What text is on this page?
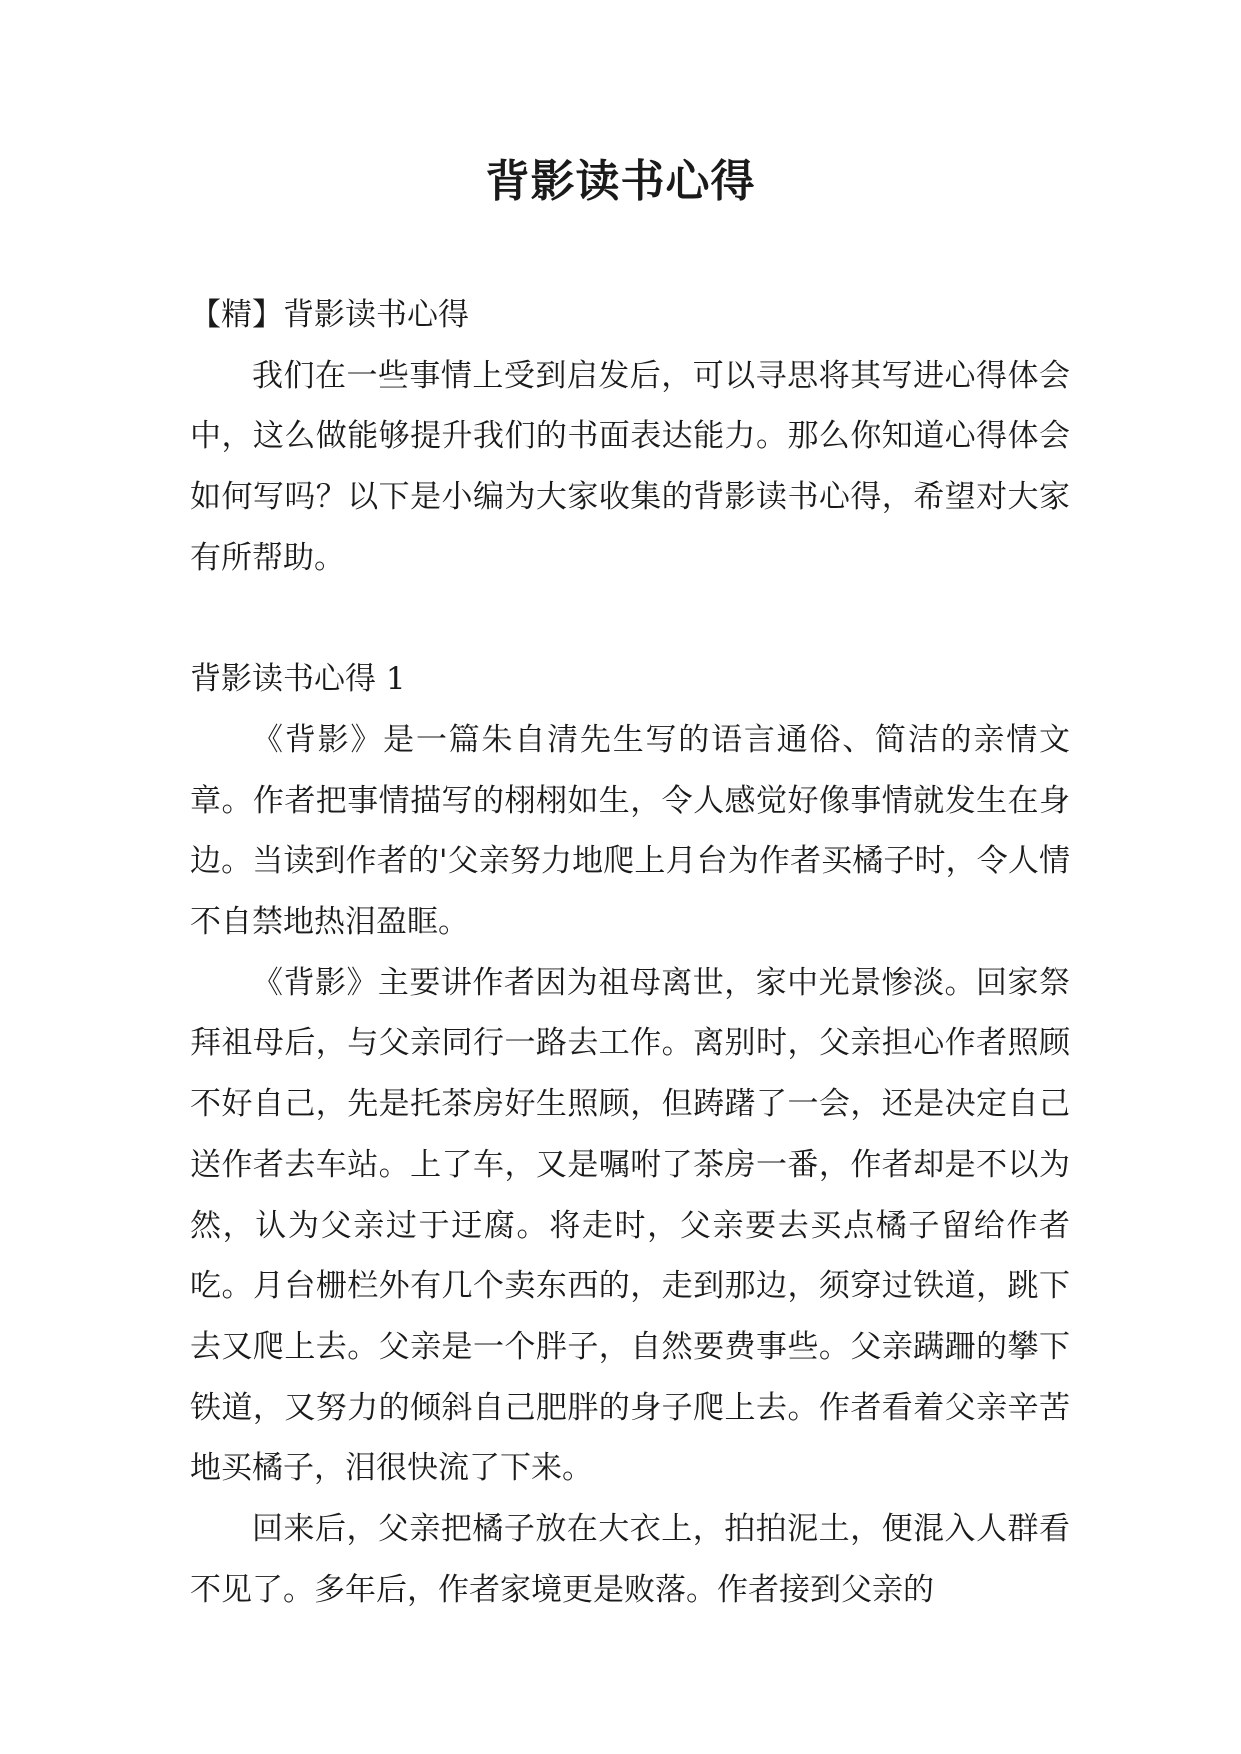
背影读书心得

【精】背影读书心得

我们在一些事情上受到启发后，可以寻思将其写进心得体会中，这么做能够提升我们的书面表达能力。那么你知道心得体会如何写吗？以下是小编为大家收集的背影读书心得，希望对大家有所帮助。

背影读书心得 1

《背影》是一篇朱自清先生写的语言通俗、简洁的亲情文章。作者把事情描写的栩栩如生，令人感觉好像事情就发生在身边。当读到作者的'父亲努力地爬上月台为作者买橘子时，令人情不自禁地热泪盈眶。

《背影》主要讲作者因为祖母离世，家中光景惨淡。回家祭拜祖母后，与父亲同行一路去工作。离别时，父亲担心作者照顾不好自己，先是托茶房好生照顾，但踌躇了一会，还是决定自己送作者去车站。上了车，又是嘱咐了茶房一番，作者却是不以为然，认为父亲过于迂腐。将走时，父亲要去买点橘子留给作者吃。月台栅栏外有几个卖东西的，走到那边，须穿过铁道，跳下去又爬上去。父亲是一个胖子，自然要费事些。父亲蹒跚的攀下铁道，又努力的倾斜自己肥胖的身子爬上去。作者看着父亲辛苦地买橘子，泪很快流了下来。

回来后，父亲把橘子放在大衣上，拍拍泥土，便混入人群看不见了。多年后，作者家境更是败落。作者接到父亲的
